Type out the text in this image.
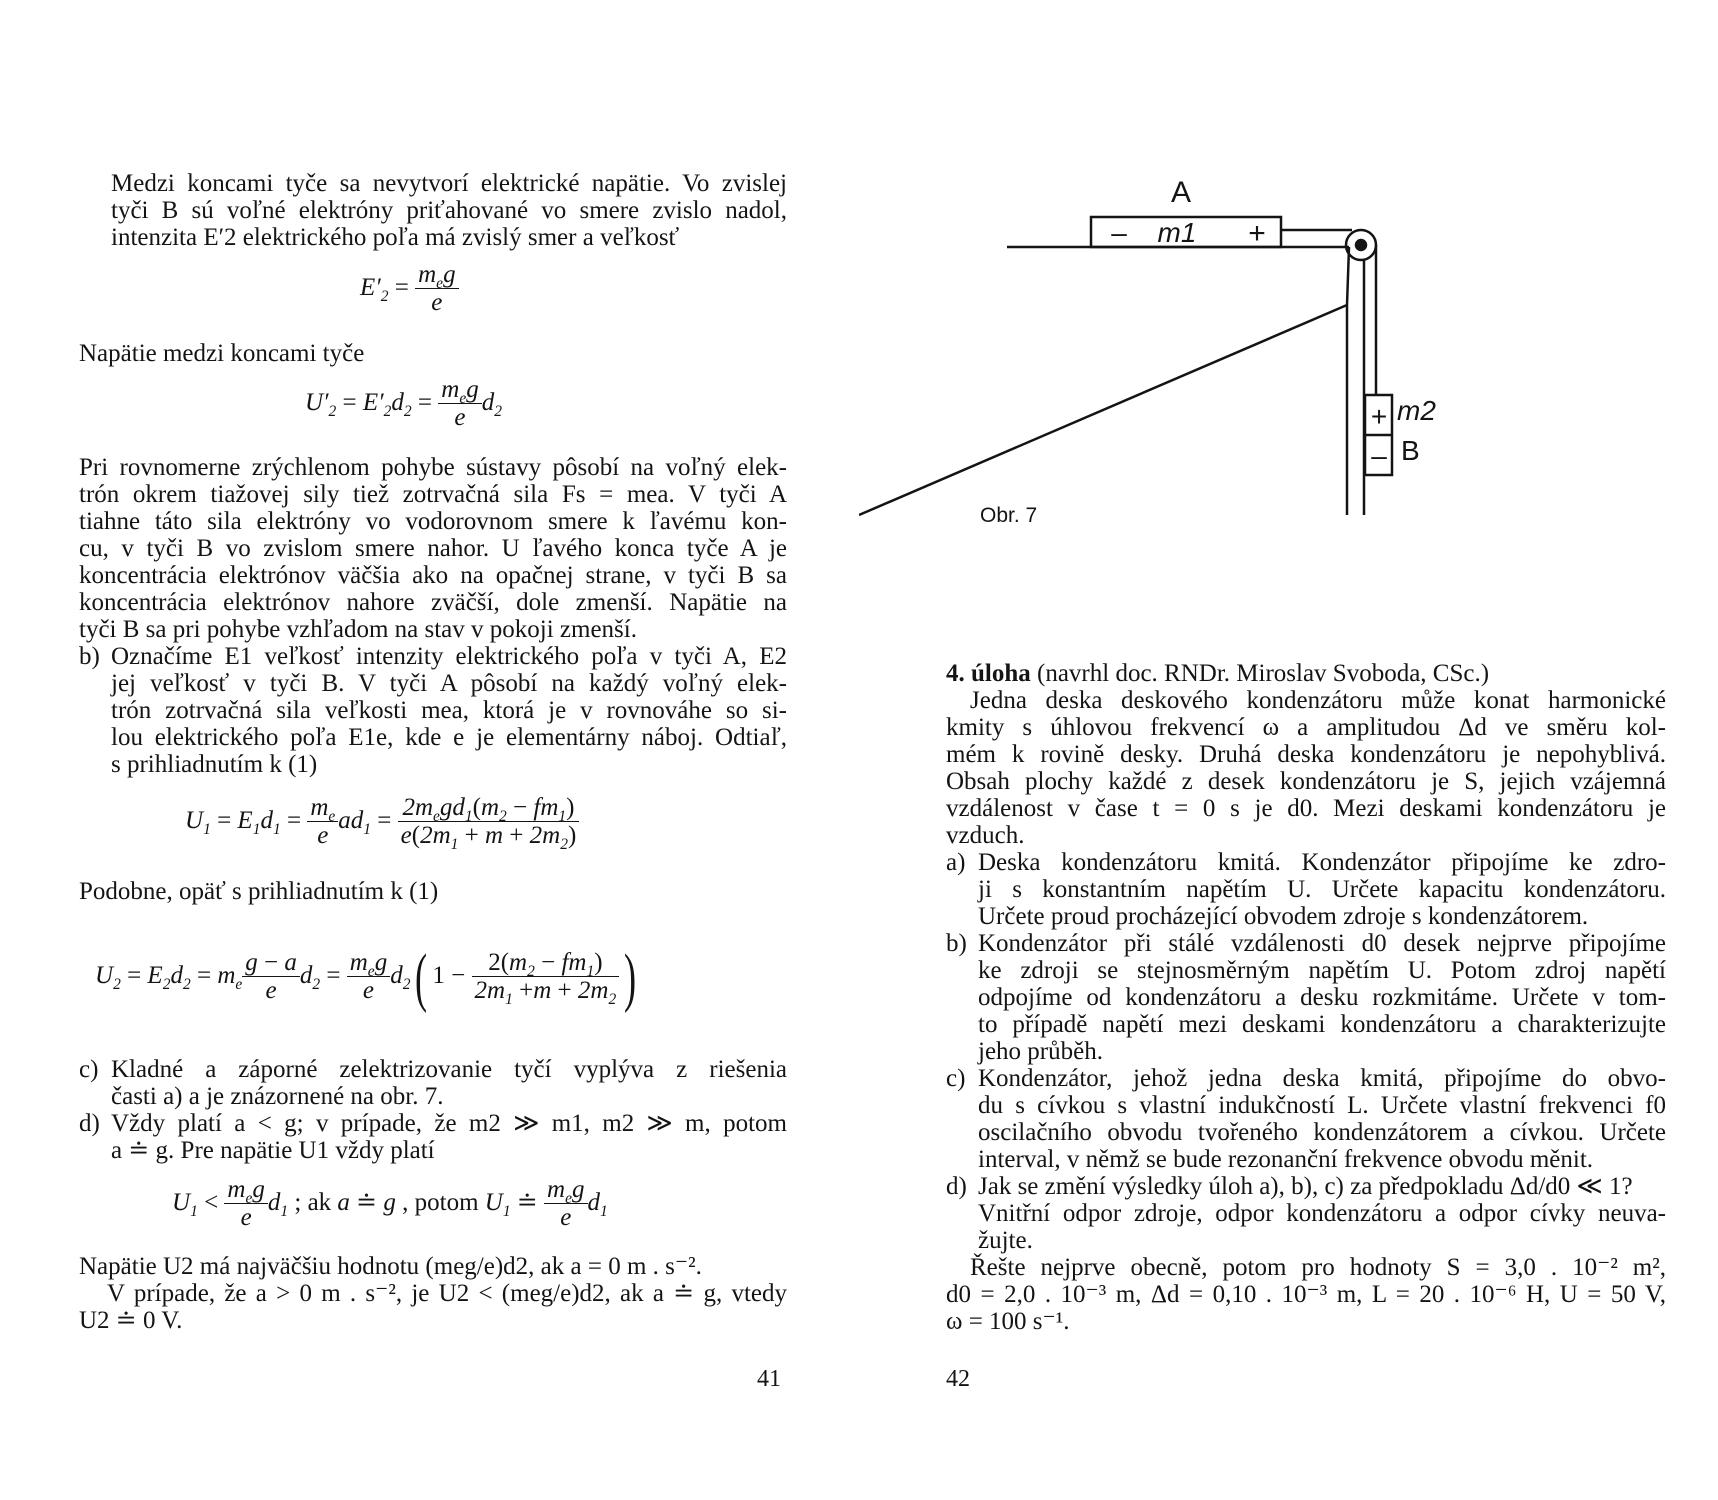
Medzi koncami tyče sa nevytvorí elektrické napätie. Vo zvislej
tyči B sú voľné elektróny priťahované vo smere zvislo nadol,
intenzita E′2 elektrického poľa má zvislý smer a veľkosť
$E'_2 = \frac{m_eg}{e}$
Napätie medzi koncami tyče
$U'_2 = E'_2d_2 = \frac{m_eg}{e} d_2$
Pri rovnomerne zrýchlenom pohybe sústavy pôsobí na voľný elek-
trón okrem tiažovej sily tiež zotrvačná sila Fs = mea. V tyči A
tiahne táto sila elektróny vo vodorovnom smere k ľavému kon-
cu, v tyči B vo zvislom smere nahor. U ľavého konca tyče A je
koncentrácia elektrónov väčšia ako na opačnej strane, v tyči B sa
koncentrácia elektrónov nahore zväčší, dole zmenší. Napätie na
tyči B sa pri pohybe vzhľadom na stav v pokoji zmenší.
b) Označíme E1 veľkosť intenzity elektrického poľa v tyči A, E2
jej veľkosť v tyči B. V tyči A pôsobí na každý voľný elek-
trón zotrvačná sila veľkosti mea, ktorá je v rovnováhe so si-
lou elektrického poľa E1e, kde e je elementárny náboj. Odtiaľ,
s prihliadnutím k (1)
$U_1 = E_1d_1 = \frac{m_e}{e} ad_1 = \frac{2m_egd_1(m_2 - fm_1)}{e(2m_1 + m + 2m_2)}$
Podobne, opäť s prihliadnutím k (1)
$U_2 = E_2d_2 = m_e \frac{g - a}{e} d_2 = \frac{m_eg}{e} d_2$( $1 - \frac{2(m_2 - fm_1)}{2m_1 +m + 2m_2}$ )
c) Kladné a záporné zelektrizovanie tyčí vyplýva z riešenia
časti a) a je znázornené na obr. 7.
d) Vždy platí a < g; v prípade, že m2 ≫ m1, m2 ≫ m, potom
a ≐ g. Pre napätie U1 vždy platí
$U_1 < \frac{m_eg}{e} d_1$ ; ak a ≐ g , potom $U_1$ ≐ $\frac{m_eg}{e} d_1$
Napätie U2 má najväčšiu hodnotu (meg/e)d2, ak a = 0 m . s⁻².
V prípade, že a > 0 m . s⁻², je U2 < (meg/e)d2, ak a ≐ g, vtedy
U2 ≐ 0 V.
41
A
– m1 +
+
–
m2
B
Obr. 7
4. úloha (navrhl doc. RNDr. Miroslav Svoboda, CSc.)
Jedna deska deskového kondenzátoru může konat harmonické
kmity s úhlovou frekvencí ω a amplitudou Δd ve směru kol-
mém k rovině desky. Druhá deska kondenzátoru je nepohyblivá.
Obsah plochy každé z desek kondenzátoru je S, jejich vzájemná
vzdálenost v čase t = 0 s je d0. Mezi deskami kondenzátoru je
vzduch.
a) Deska kondenzátoru kmitá. Kondenzátor připojíme ke zdro-
ji s konstantním napětím U. Určete kapacitu kondenzátoru.
Určete proud procházející obvodem zdroje s kondenzátorem.
b) Kondenzátor při stálé vzdálenosti d0 desek nejprve připojíme
ke zdroji se stejnosměrným napětím U. Potom zdroj napětí
odpojíme od kondenzátoru a desku rozkmitáme. Určete v tom-
to případě napětí mezi deskami kondenzátoru a charakterizujte
jeho průběh.
c) Kondenzátor, jehož jedna deska kmitá, připojíme do obvo-
du s cívkou s vlastní indukčností L. Určete vlastní frekvenci f0
oscilačního obvodu tvořeného kondenzátorem a cívkou. Určete
interval, v němž se bude rezonanční frekvence obvodu měnit.
d) Jak se změní výsledky úloh a), b), c) za předpokladu Δd/d0 ≪ 1?
Vnitřní odpor zdroje, odpor kondenzátoru a odpor cívky neuva-
žujte.
Řešte nejprve obecně, potom pro hodnoty S = 3,0 . 10⁻² m²,
d0 = 2,0 . 10⁻³ m, Δd = 0,10 . 10⁻³ m, L = 20 . 10⁻⁶ H, U = 50 V,
ω = 100 s⁻¹.
42
